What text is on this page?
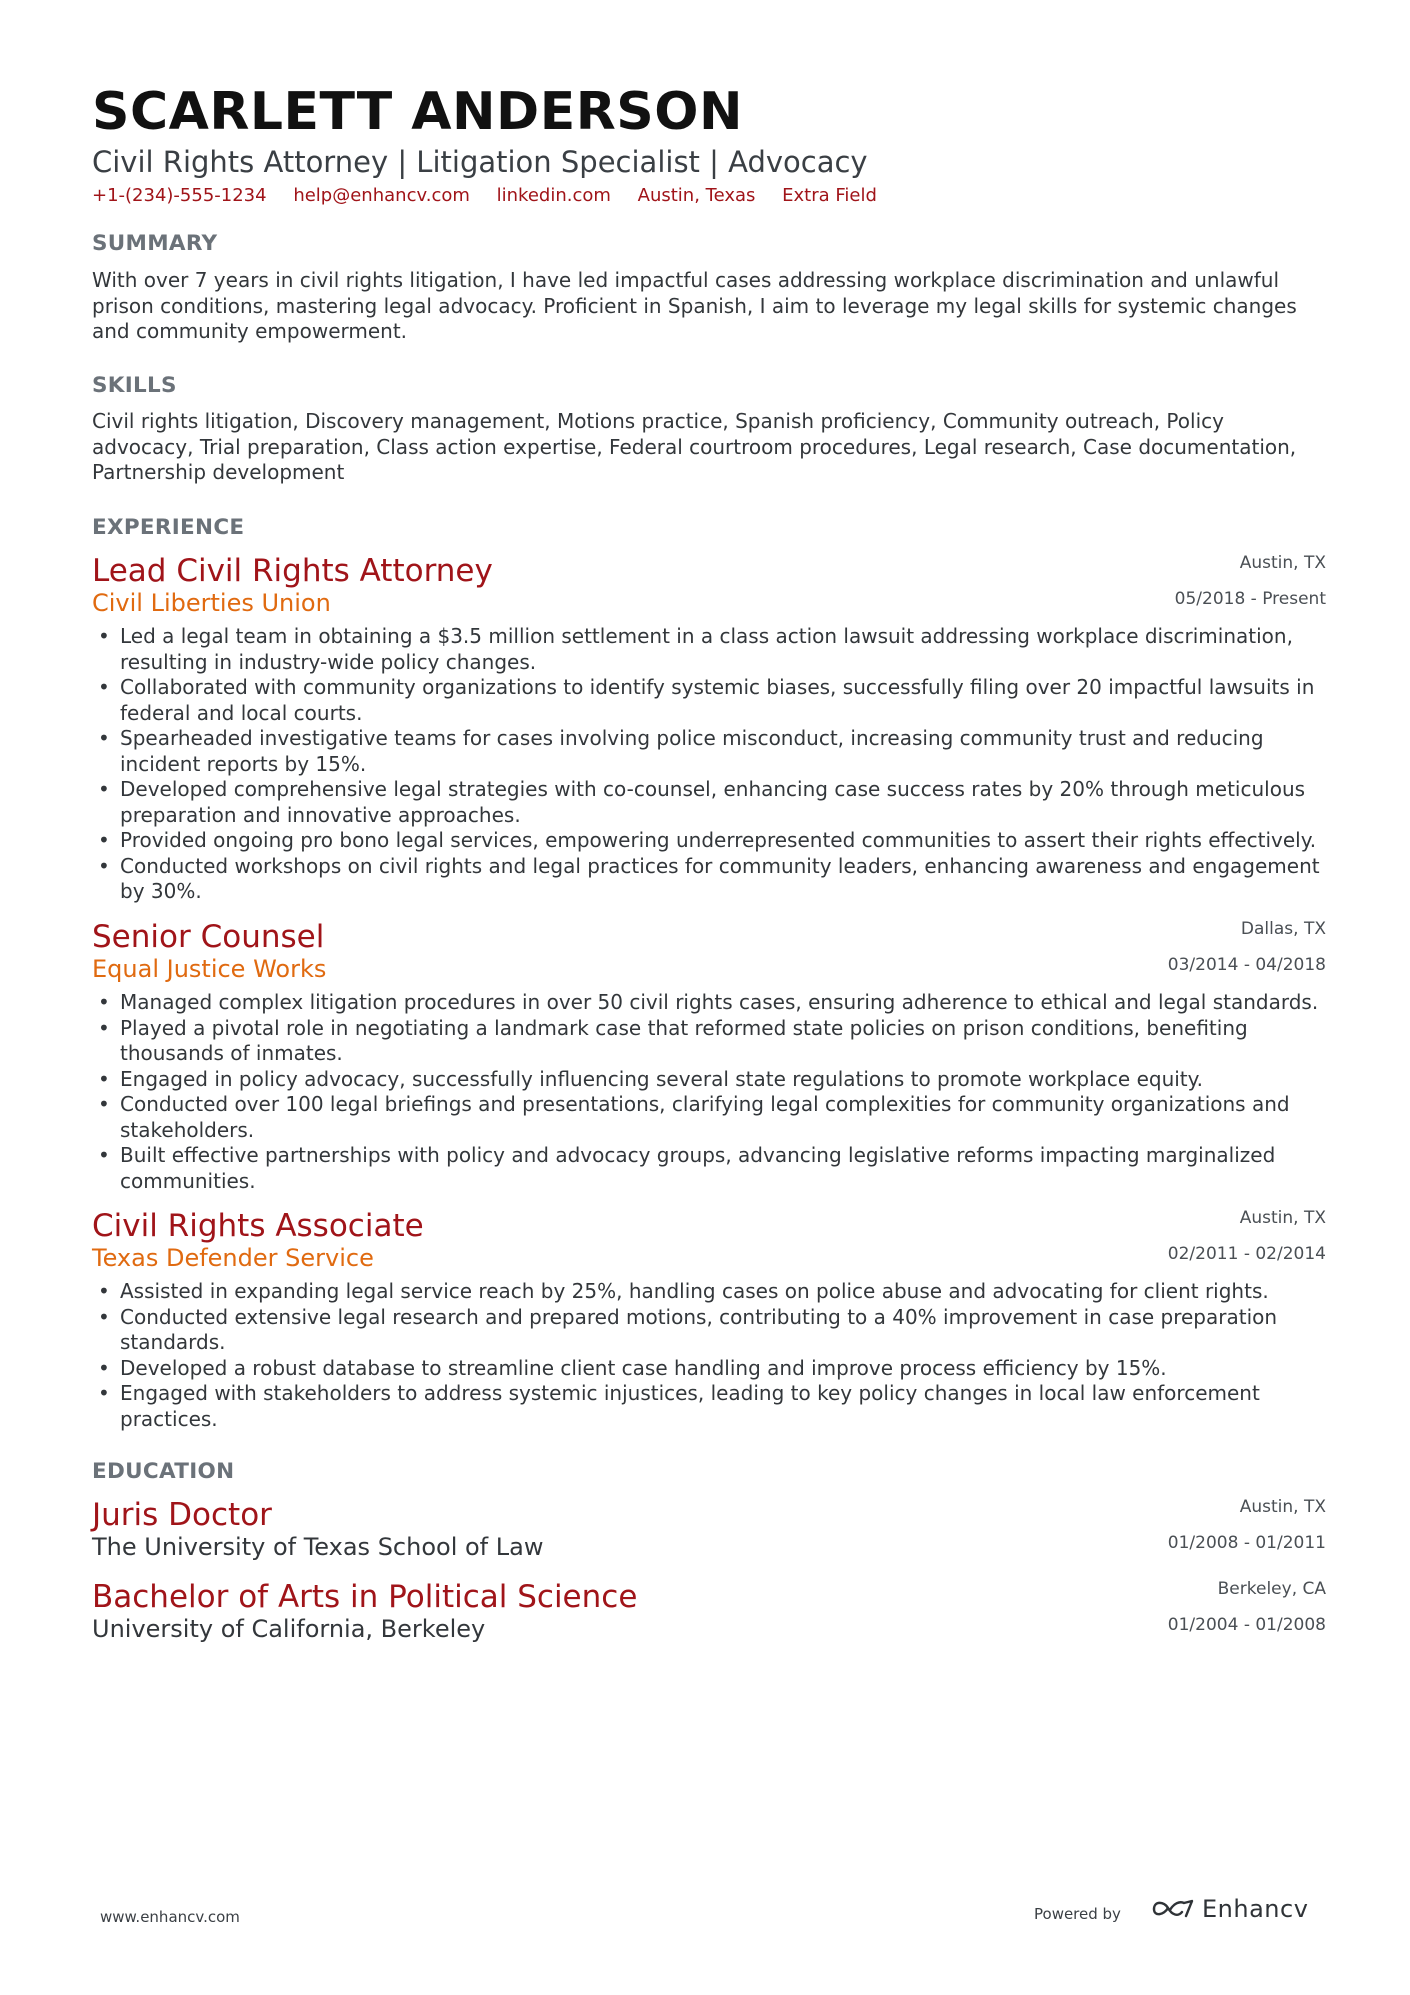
SCARLETT ANDERSON
Civil Rights Attorney | Litigation Specialist | Advocacy
+1-(234)-555-1234 help@enhancv.com linkedin.com Austin, Texas Extra Field
SUMMARY

With over 7 years in civil rights litigation, I have led impactful cases addressing workplace discrimination and unlawful prison conditions, mastering legal advocacy. Proficient in Spanish, I aim to leverage my legal skills for systemic changes and community empowerment.

SKILLS

Civil rights litigation, Discovery management, Motions practice, Spanish proficiency, Community outreach, Policy advocacy, Trial preparation, Class action expertise, Federal courtroom procedures, Legal research, Case documentation, Partnership development

EXPERIENCE
Lead Civil Rights Attorney	Austin, TX
Civil Liberties Union	05/2018 - Present
• Led a legal team in obtaining a $3.5 million settlement in a class action lawsuit addressing workplace discrimination, resulting in industry-wide policy changes.
• Collaborated with community organizations to identify systemic biases, successfully filing over 20 impactful lawsuits in federal and local courts.
• Spearheaded investigative teams for cases involving police misconduct, increasing community trust and reducing incident reports by 15%.
• Developed comprehensive legal strategies with co-counsel, enhancing case success rates by 20% through meticulous preparation and innovative approaches.
• Provided ongoing pro bono legal services, empowering underrepresented communities to assert their rights effectively.
• Conducted workshops on civil rights and legal practices for community leaders, enhancing awareness and engagement by 30%.
Senior Counsel	Dallas, TX
Equal Justice Works	03/2014 - 04/2018
• Managed complex litigation procedures in over 50 civil rights cases, ensuring adherence to ethical and legal standards.
• Played a pivotal role in negotiating a landmark case that reformed state policies on prison conditions, benefiting thousands of inmates.
• Engaged in policy advocacy, successfully influencing several state regulations to promote workplace equity.
• Conducted over 100 legal briefings and presentations, clarifying legal complexities for community organizations and stakeholders.
• Built effective partnerships with policy and advocacy groups, advancing legislative reforms impacting marginalized communities.
Civil Rights Associate	Austin, TX
Texas Defender Service	02/2011 - 02/2014
• Assisted in expanding legal service reach by 25%, handling cases on police abuse and advocating for client rights.
• Conducted extensive legal research and prepared motions, contributing to a 40% improvement in case preparation standards.
• Developed a robust database to streamline client case handling and improve process efficiency by 15%.
• Engaged with stakeholders to address systemic injustices, leading to key policy changes in local law enforcement practices.
EDUCATION
Juris Doctor	Austin, TX
The University of Texas School of Law	01/2008 - 01/2011
Bachelor of Arts in Political Science	Berkeley, CA
University of California, Berkeley	01/2004 - 01/2008
www.enhancv.com	Powered by	Enhancv
